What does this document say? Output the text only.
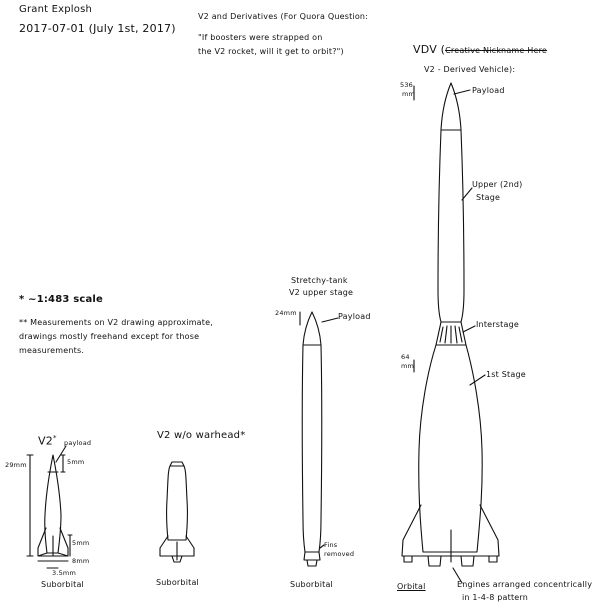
Grant Explosh
2017-07-01 (July 1st, 2017)
V2 and Derivatives (For Quora Question:
"If boosters were strapped on
the V2 rocket, will it get to orbit?")
* ~1:483 scale
** Measurements on V2 drawing approximate,
drawings mostly freehand except for those
measurements.
V2*
payload
29mm	5mm
5mm
8mm
3.5mm
Suborbital
V2 w/o warhead*
Suborbital
Stretchy-tank
V2 upper stage
24mm	Payload
Fins
removed
Suborbital
VDV (Creative Nickname Here
V2 - Derived Vehicle):
536
mm
64
mm
Payload
Upper (2nd)
Stage
Interstage
1st Stage
Orbital	Engines arranged concentrically
in 1-4-8 pattern
